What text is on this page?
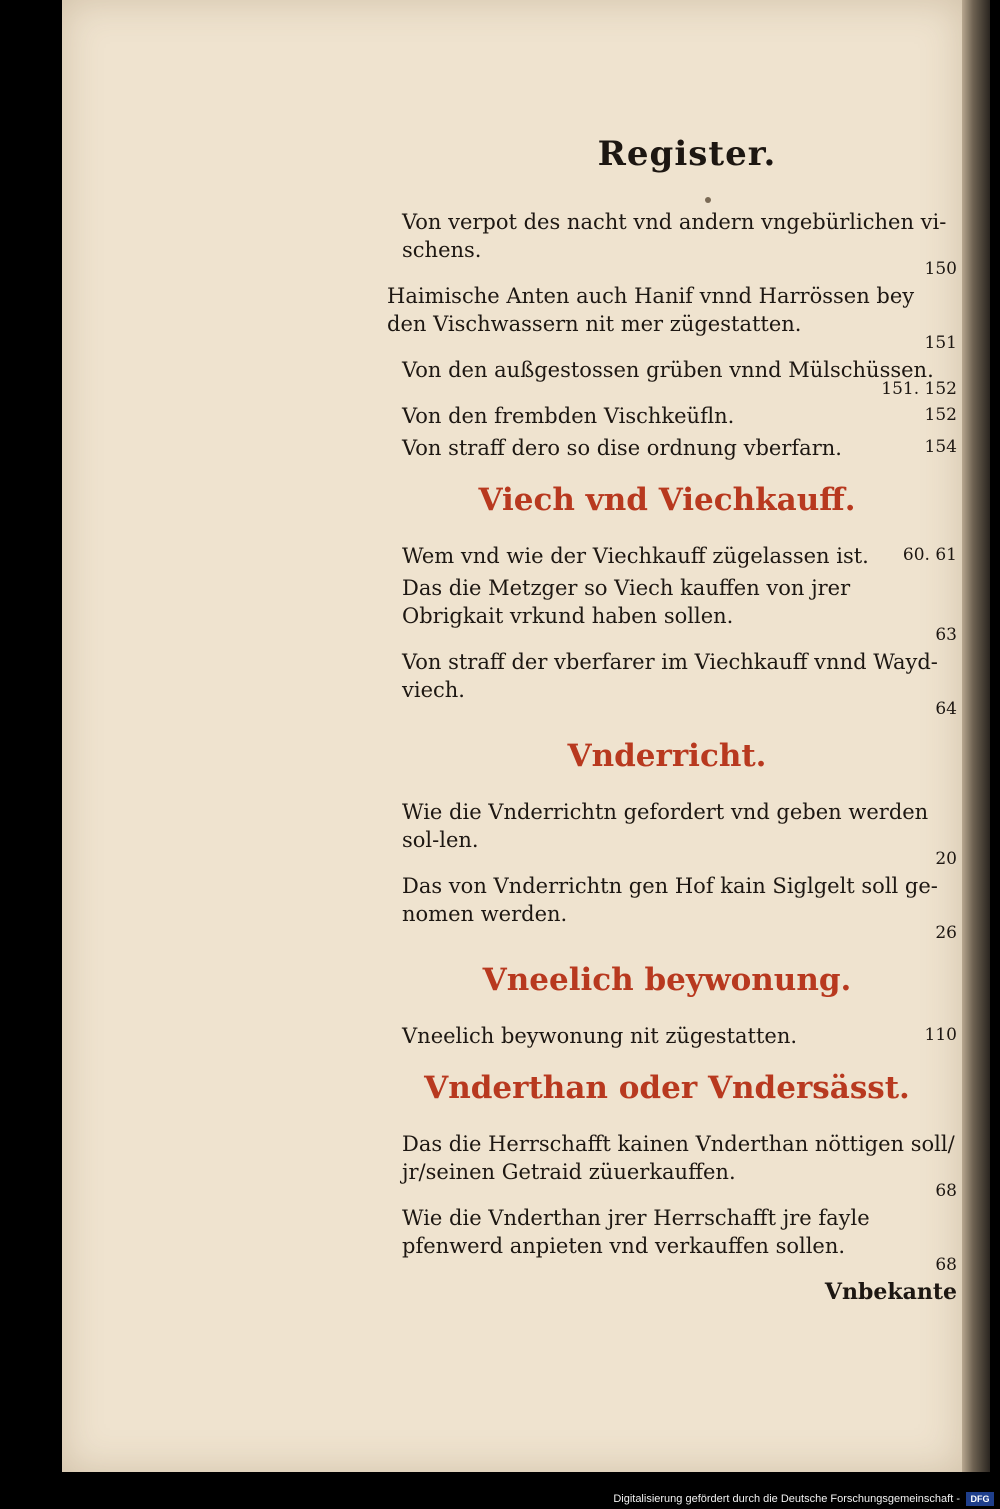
Register.
Von verpot des nacht vnd andern vngebürlichen vi-schens.
150
Haimische Anten auch Hanif vnnd Harrössen bey den Vischwassern nit mer zügestatten.
151
Von den außgestossen grüben vnnd Mülschüssen.
151. 152
Von den frembden Vischkeüfln.	152
Von straff dero so dise ordnung vberfarn.	154
Viech vnd Viechkauff.
Wem vnd wie der Viechkauff zügelassen ist. 60. 61
Das die Metzger so Viech kauffen von jrer Obrigkait vrkund haben sollen.
63
Von straff der vberfarer im Viechkauff vnnd Wayd-viech.
64
Vnderricht.
Wie die Vnderrichtn gefordert vnd geben werden sol-len.
20
Das von Vnderrichtn gen Hof kain Siglgelt soll ge-nomen werden.
26
Vneelich beywonung.
Vneelich beywonung nit zügestatten.	110
Vnderthan oder Vndersässt.
Das die Herrschafft kainen Vnderthan nöttigen soll/ jr/seinen Getraid züuerkauffen.
68
Wie die Vnderthan jrer Herrschafft jre fayle pfenwerd anpieten vnd verkauffen sollen.
68
Vnbekante
Digitalisierung gefördert durch die Deutsche Forschungsgemeinschaft -	DFG
